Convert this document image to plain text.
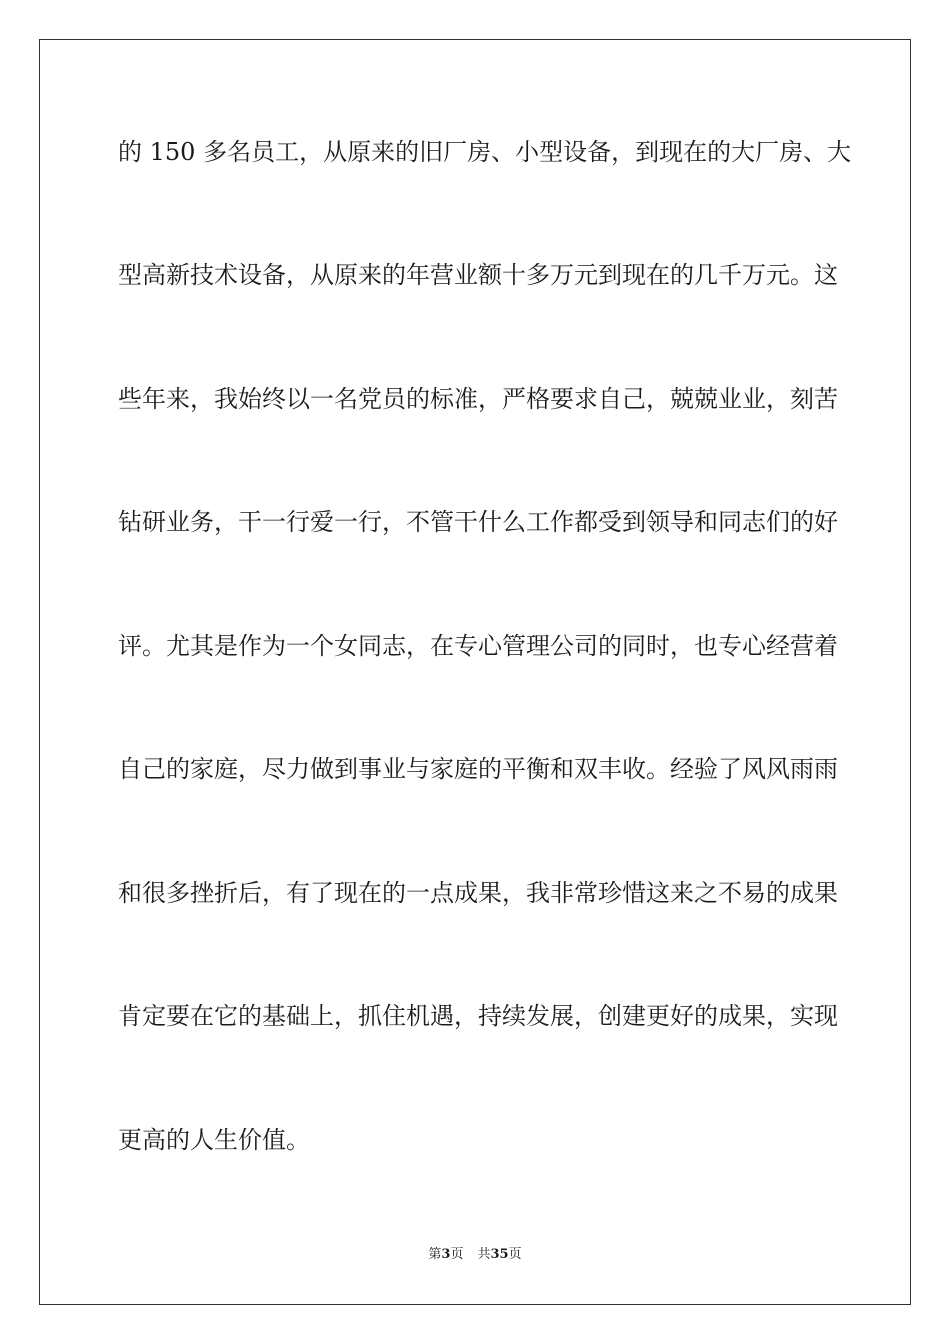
的 150 多名员工，从原来的旧厂房、小型设备，到现在的大厂房、大
型高新技术设备，从原来的年营业额十多万元到现在的几千万元。这
些年来，我始终以一名党员的标准，严格要求自己，兢兢业业，刻苦
钻研业务，干一行爱一行，不管干什么工作都受到领导和同志们的好
评。尤其是作为一个女同志，在专心管理公司的同时，也专心经营着
自己的家庭，尽力做到事业与家庭的平衡和双丰收。经验了风风雨雨
和很多挫折后，有了现在的一点成果，我非常珍惜这来之不易的成果
肯定要在它的基础上，抓住机遇，持续发展，创建更好的成果，实现
更高的人生价值。
第3页 共35页
